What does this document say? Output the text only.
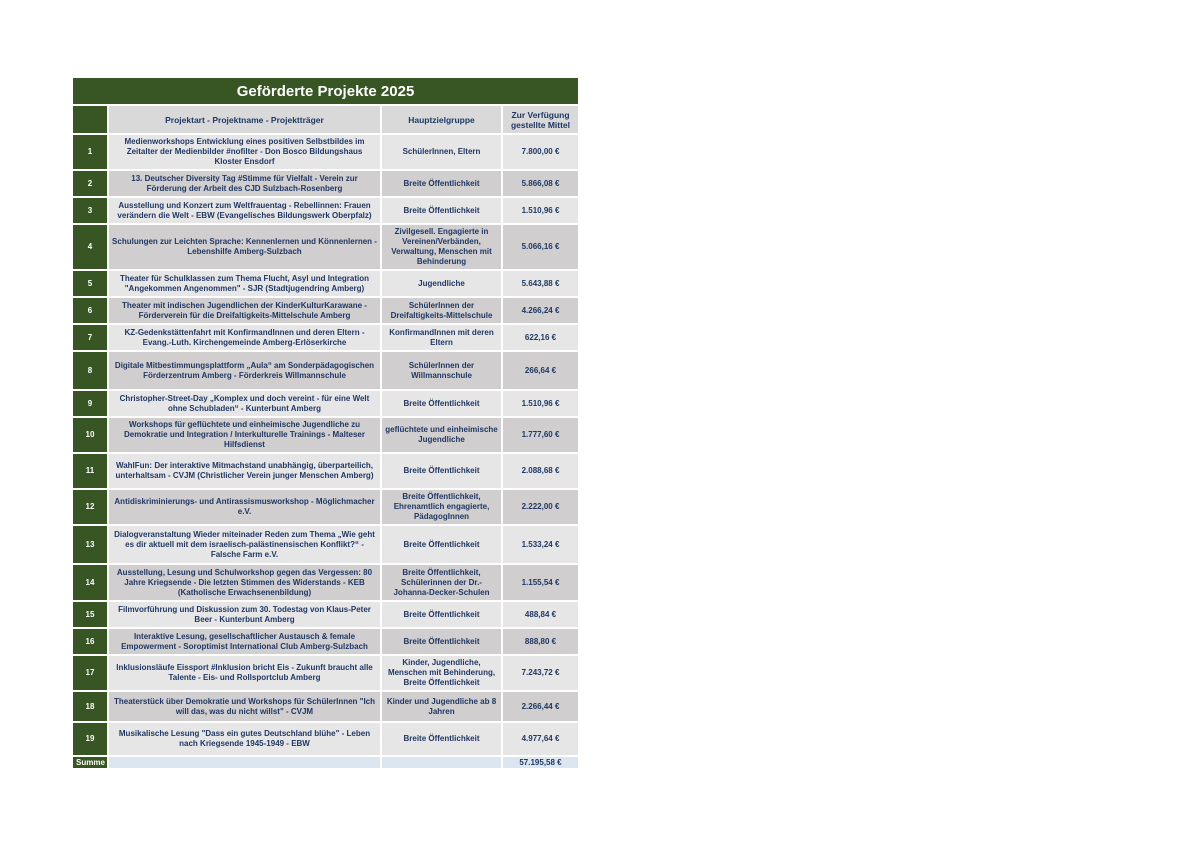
Geförderte Projekte 2025
	Projektart - Projektname - Projektträger	Hauptzielgruppe	Zur Verfügung gestellte Mittel
1	Medienworkshops Entwicklung eines positiven Selbstbildes im Zeitalter der Medienbilder #nofilter - Don Bosco Bildungshaus Kloster Ensdorf	SchülerInnen, Eltern	7.800,00 €
2	13. Deutscher Diversity Tag #Stimme für Vielfalt - Verein zur Förderung der Arbeit des CJD Sulzbach-Rosenberg	Breite Öffentlichkeit	5.866,08 €
3	Ausstellung und Konzert zum Weltfrauentag - Rebellinnen: Frauen verändern die Welt - EBW (Evangelisches Bildungswerk Oberpfalz)	Breite Öffentlichkeit	1.510,96 €
4	Schulungen zur Leichten Sprache: Kennenlernen und Könnenlernen - Lebenshilfe Amberg-Sulzbach	Zivilgesell. Engagierte in Vereinen/Verbänden, Verwaltung, Menschen mit Behinderung	5.066,16 €
5	Theater für Schulklassen zum Thema Flucht, Asyl und Integration "Angekommen Angenommen" - SJR (Stadtjugendring Amberg)	Jugendliche	5.643,88 €
6	Theater mit indischen Jugendlichen der KinderKulturKarawane - Förderverein für die Dreifaltigkeits-Mittelschule Amberg	SchülerInnen der Dreifaltigkeits-Mittelschule	4.266,24 €
7	KZ-Gedenkstättenfahrt mit KonfirmandInnen und deren Eltern - Evang.-Luth. Kirchengemeinde Amberg-Erlöserkirche	KonfirmandInnen mit deren Eltern	622,16 €
8	Digitale Mitbestimmungsplattform „Aula“ am Sonderpädagogischen Förderzentrum Amberg - Förderkreis Willmannschule	SchülerInnen der Willmannschule	266,64 €
9	Christopher-Street-Day „Komplex und doch vereint - für eine Welt ohne Schubladen“ - Kunterbunt Amberg	Breite Öffentlichkeit	1.510,96 €
10	Workshops für geflüchtete und einheimische Jugendliche zu Demokratie und Integration / Interkulturelle Trainings - Malteser Hilfsdienst	geflüchtete und einheimische Jugendliche	1.777,60 €
11	WahlFun: Der interaktive Mitmachstand unabhängig, überparteilich, unterhaltsam - CVJM (Christlicher Verein junger Menschen Amberg)	Breite Öffentlichkeit	2.088,68 €
12	Antidiskriminierungs- und Antirassismusworkshop - Möglichmacher e.V.	Breite Öffentlichkeit, Ehrenamtlich engagierte, PädagogInnen	2.222,00 €
13	Dialogveranstaltung Wieder miteinader Reden zum Thema „Wie geht es dir aktuell mit dem israelisch-palästinensischen Konflikt?“ - Falsche Farm e.V.	Breite Öffentlichkeit	1.533,24 €
14	Ausstellung, Lesung und Schulworkshop gegen das Vergessen: 80 Jahre Kriegsende - Die letzten Stimmen des Widerstands - KEB (Katholische Erwachsenenbildung)	Breite Öffentlichkeit, Schülerinnen der Dr.-Johanna-Decker-Schulen	1.155,54 €
15	Filmvorführung und Diskussion zum 30. Todestag von Klaus-Peter Beer - Kunterbunt Amberg	Breite Öffentlichkeit	488,84 €
16	Interaktive Lesung, gesellschaftlicher Austausch & female Empowerment - Soroptimist International Club Amberg-Sulzbach	Breite Öffentlichkeit	888,80 €
17	Inklusionsläufe Eissport #Inklusion bricht Eis - Zukunft braucht alle Talente - Eis- und Rollsportclub Amberg	Kinder, Jugendliche, Menschen mit Behinderung, Breite Öffentlichkeit	7.243,72 €
18	Theaterstück über Demokratie und Workshops für SchülerInnen "Ich will das, was du nicht willst" - CVJM	Kinder und Jugendliche ab 8 Jahren	2.266,44 €
19	Musikalische Lesung "Dass ein gutes Deutschland blühe" - Leben nach Kriegsende 1945-1949 - EBW	Breite Öffentlichkeit	4.977,64 €
Summe			57.195,58 €
